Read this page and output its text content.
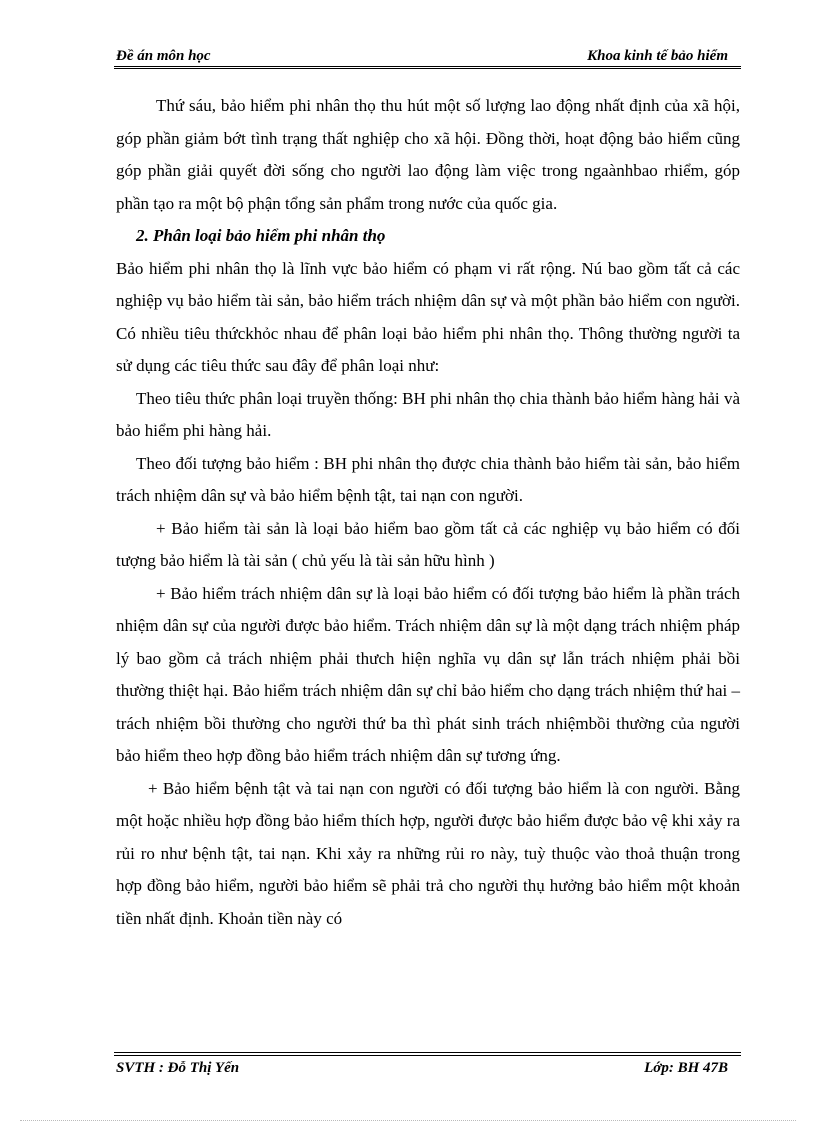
Đề án môn học	Khoa kinh tế bảo hiểm

Thứ sáu, bảo hiểm phi nhân thọ thu hút một số lượng lao động nhất định của xã hội, góp phần giảm bớt tình trạng thất nghiệp cho xã hội. Đồng thời, hoạt động bảo hiểm cũng góp phần giải quyết đời sống cho người lao động làm việc trong ngaànhbao rhiểm, góp phần tạo ra một bộ phận tổng sản phẩm trong nước của quốc gia.

2. Phân loại bảo hiểm phi nhân thọ

Bảo hiểm phi nhân thọ là lĩnh vực bảo hiểm có phạm vi rất rộng. Nú bao gồm tất cả các nghiệp vụ bảo hiểm tài sản, bảo hiểm trách nhiệm dân sự và một phần bảo hiểm con người. Có nhiều tiêu thứckhỏc nhau để phân loại bảo hiểm phi nhân thọ. Thông thường người ta sử dụng các tiêu thức sau đây để phân loại như:

Theo tiêu thức phân loại truyền thống: BH phi nhân thọ chia thành bảo hiểm hàng hải và bảo hiểm phi hàng hải.

Theo đối tượng bảo hiểm : BH phi nhân thọ được chia thành bảo hiểm tài sản, bảo hiểm trách nhiệm dân sự và bảo hiểm bệnh tật, tai nạn con người.

+ Bảo hiểm tài sản là loại bảo hiểm bao gồm tất cả các nghiệp vụ bảo hiểm có đối tượng bảo hiểm là tài sản ( chủ yếu là tài sản hữu hình )

+ Bảo hiểm trách nhiệm dân sự là loại bảo hiểm có đối tượng bảo hiểm là phần trách nhiệm dân sự của người được bảo hiểm. Trách nhiệm dân sự là một dạng trách nhiệm pháp lý bao gồm cả trách nhiệm phải thưch hiện nghĩa vụ dân sự lẫn trách nhiệm phải bồi thường thiệt hại. Bảo hiểm trách nhiệm dân sự chỉ bảo hiểm cho dạng trách nhiệm thứ hai – trách nhiệm bồi thường cho người thứ ba thì phát sinh trách nhiệmbồi thường của người bảo hiểm theo hợp đồng bảo hiểm trách nhiệm dân sự tương ứng.

+ Bảo hiểm bệnh tật và tai nạn con người có đối tượng bảo hiểm là con người. Bằng một hoặc nhiều hợp đồng bảo hiểm thích hợp, người được bảo hiểm được bảo vệ khi xảy ra rủi ro như bệnh tật, tai nạn. Khi xảy ra những rủi ro này, tuỳ thuộc vào thoả thuận trong hợp đồng bảo hiểm, người bảo hiểm sẽ phải trả cho người thụ hưởng bảo hiểm một khoản tiền nhất định. Khoản tiền này có

SVTH : Đỗ Thị Yến	Lớp: BH 47B
